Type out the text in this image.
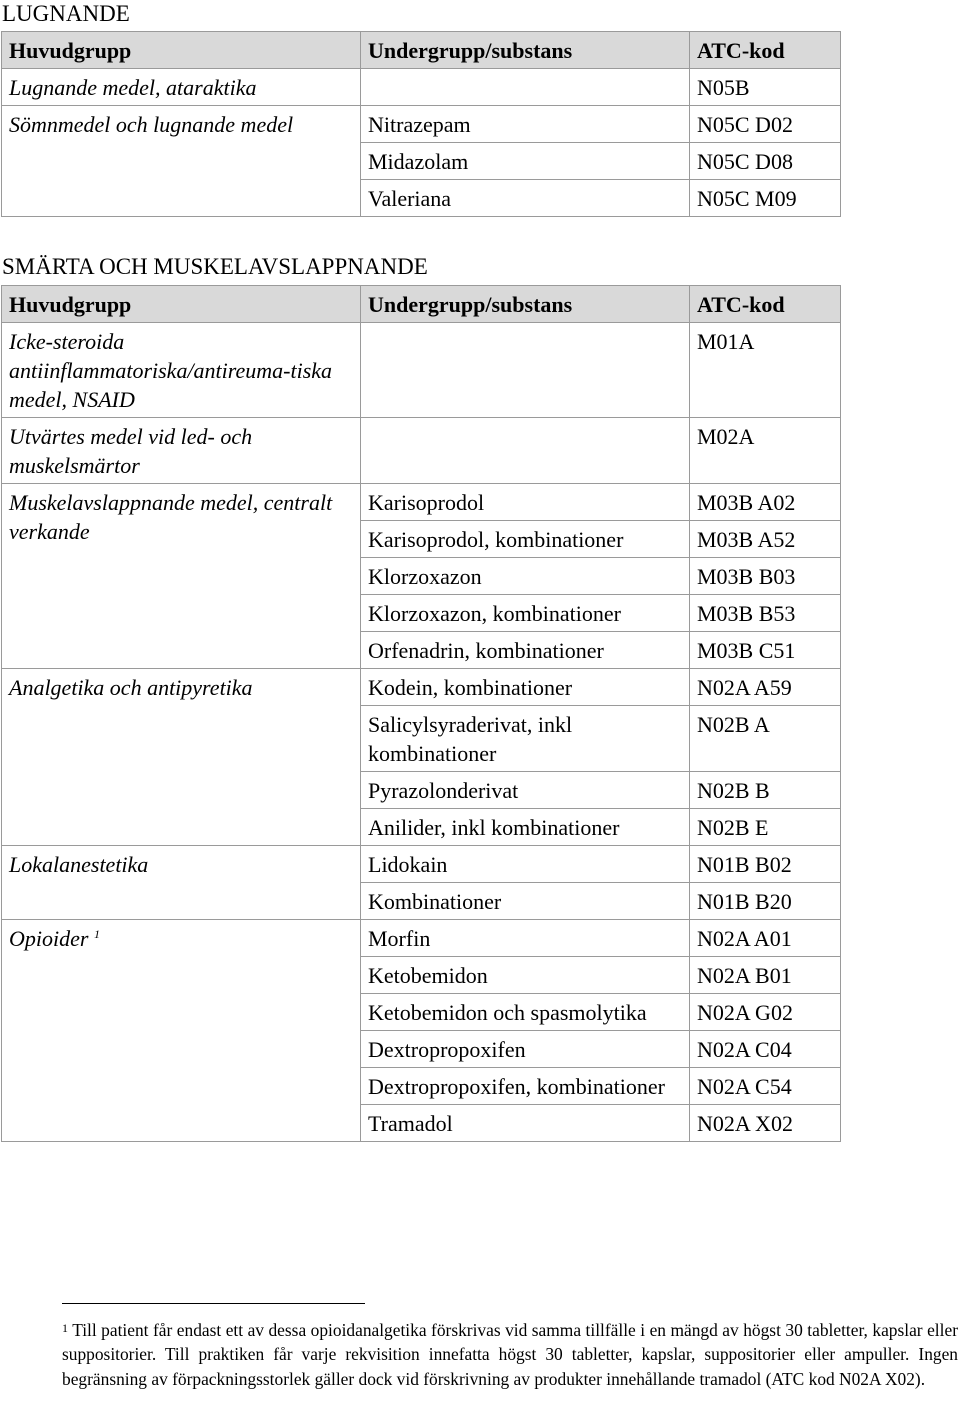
LUGNANDE
Huvudgrupp	Undergrupp/substans	ATC-kod
Lugnande medel, ataraktika		N05B
Sömnmedel och lugnande medel	Nitrazepam	N05C D02
	Midazolam	N05C D08
	Valeriana	N05C M09
SMÄRTA OCH MUSKELAVSLAPPNANDE
Huvudgrupp	Undergrupp/substans	ATC-kod
Icke-steroida antiinflammatoriska/antireuma-tiska medel, NSAID		M01A
Utvärtes medel vid led- och muskelsmärtor		M02A
Muskelavslappnande medel, centralt verkande	Karisoprodol	M03B A02
	Karisoprodol, kombinationer	M03B A52
	Klorzoxazon	M03B B03
	Klorzoxazon, kombinationer	M03B B53
	Orfenadrin, kombinationer	M03B C51
Analgetika och antipyretika	Kodein, kombinationer	N02A A59
	Salicylsyraderivat, inkl kombinationer	N02B A
	Pyrazolonderivat	N02B B
	Anilider, inkl kombinationer	N02B E
Lokalanestetika	Lidokain	N01B B02
	Kombinationer	N01B B20
Opioider $^1$	Morfin	N02A A01
	Ketobemidon	N02A B01
	Ketobemidon och spasmolytika	N02A G02
	Dextropropoxifen	N02A C04
	Dextropropoxifen, kombinationer	N02A C54
	Tramadol	N02A X02

$^1$ Till patient får endast ett av dessa opioidanalgetika förskrivas vid samma tillfälle i en mängd av högst 30 tabletter, kapslar eller suppositorier. Till praktiken får varje rekvisition innefatta högst 30 tabletter, kapslar, suppositorier eller ampuller. Ingen begränsning av förpackningsstorlek gäller dock vid förskrivning av produkter innehållande tramadol (ATC kod N02A X02).
